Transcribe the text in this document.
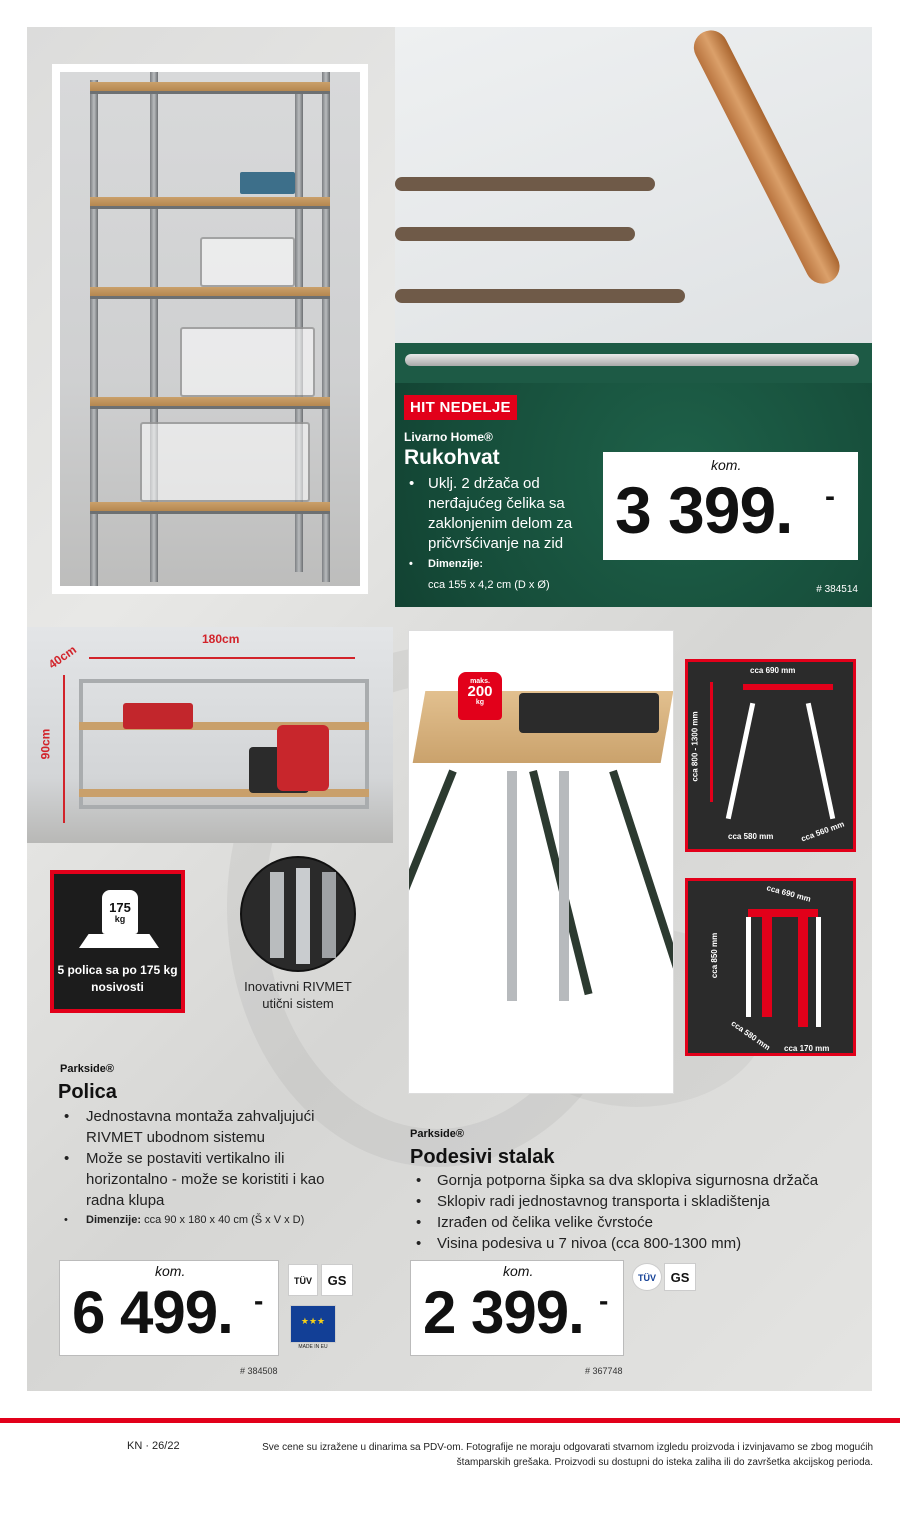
Livarno Home®
Rukohvat
• Uklj. 2 držača od nerđajućeg čelika sa zaklonjenim delom za pričvršćivanje na zid
• Dimenzije:
cca 155 x 4,2 cm (D x Ø)	# 384514
HIT NEDELJE
kom.
3 399. -
180cm
40cm
90cm
175
kg
5 polica sa po 175 kg nosivosti	Inovativni RIVMET utični sistem
Parkside®
Polica
• Jednostavna montaža zahvaljujući RIVMET ubodnom sistemu
• Može se postaviti vertikalno ili horizontalno - može se koristiti i kao radna klupa
• Dimenzije: cca 90 x 180 x 40 cm (Š x V x D)
kom.
6 499. -
TÜV	GS
★★★
MADE IN EU
# 384508
maks.
200
kg
cca 690 mm
cca 800 - 1300 mm
cca 580 mm	cca 560 mm
cca 690 mm
cca 850 mm
cca 580 mm cca 170 mm
Parkside®
Podesivi stalak
• Gornja potporna šipka sa dva sklopiva sigurnosna držača
• Sklopiv radi jednostavnog transporta i skladištenja
• Izrađen od čelika velike čvrstoće
• Visina podesiva u 7 nivoa (cca 800-1300 mm)
kom.
2 399. -
TÜV	GS
# 367748
KN · 26/22	Sve cene su izražene u dinarima sa PDV-om. Fotografije ne moraju odgovarati stvarnom izgledu proizvoda i izvinjavamo se zbog mogućih štamparskih grešaka. Proizvodi su dostupni do isteka zaliha ili do završetka akcijskog perioda.
